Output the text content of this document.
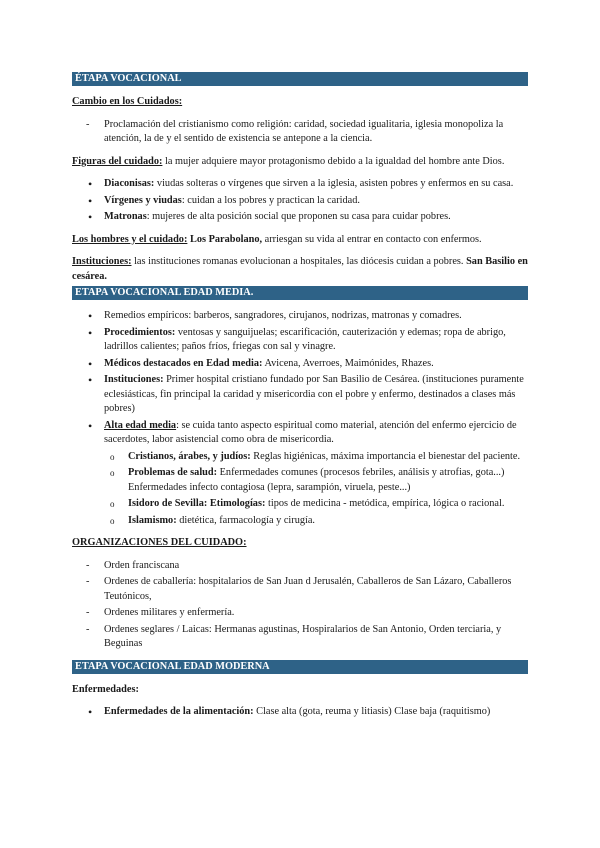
ÉTAPA VOCACIONAL
Cambio en los Cuidados:
- Proclamación del cristianismo como religión: caridad, sociedad igualitaria, iglesia monopoliza la atención, la de y el sentido de existencia se antepone a la ciencia.
Figuras del cuidado: la mujer adquiere mayor protagonismo debido a la igualdad del hombre ante Dios.
• Diaconisas: viudas solteras o vírgenes que sirven a la iglesia, asisten pobres y enfermos en su casa.
• Vírgenes y viudas: cuidan a los pobres y practican la caridad.
• Matronas: mujeres de alta posición social que proponen su casa para cuidar pobres.
Los hombres y el cuidado: Los Parabolano, arriesgan su vida al entrar en contacto con enfermos.
Instituciones: las instituciones romanas evolucionan a hospitales, las diócesis cuidan a pobres. San Basilio en cesárea.
ETAPA VOCACIONAL EDAD MEDIA.
• Remedios empíricos: barberos, sangradores, cirujanos, nodrizas, matronas y comadres.
• Procedimientos: ventosas y sanguijuelas; escarificación, cauterización y edemas; ropa de abrigo, ladrillos calientes; paños fríos, friegas con sal y vinagre.
• Médicos destacados en Edad media: Avicena, Averroes, Maimónides, Rhazes.
• Instituciones: Primer hospital cristiano fundado por San Basilio de Cesárea. (instituciones puramente eclesiásticas, fin principal la caridad y misericordia con el pobre y enfermo, destinados a clases más pobres)
• Alta edad media: se cuida tanto aspecto espiritual como material, atención del enfermo ejercicio de sacerdotes, labor asistencial como obra de misericordia.
o Cristianos, árabes, y judíos: Reglas higiénicas, máxima importancia el bienestar del paciente.
o Problemas de salud: Enfermedades comunes (procesos febriles, análisis y atrofias, gota...) Enfermedades infecto contagiosa (lepra, sarampión, viruela, peste...)
o Isidoro de Sevilla: Etimologías: tipos de medicina - metódica, empírica, lógica o racional.
o Islamismo: dietética, farmacología y cirugía.
ORGANIZACIONES DEL CUIDADO:
- Orden franciscana
- Ordenes de caballería: hospitalarios de San Juan d Jerusalén, Caballeros de San Lázaro, Caballeros Teutónicos,
- Ordenes militares y enfermería.
- Ordenes seglares / Laicas: Hermanas agustinas, Hospiralarios de San Antonio, Orden terciaria, y Beguinas
ETAPA VOCACIONAL EDAD MODERNA
Enfermedades:
• Enfermedades de la alimentación: Clase alta (gota, reuma y litiasis) Clase baja (raquitismo)
